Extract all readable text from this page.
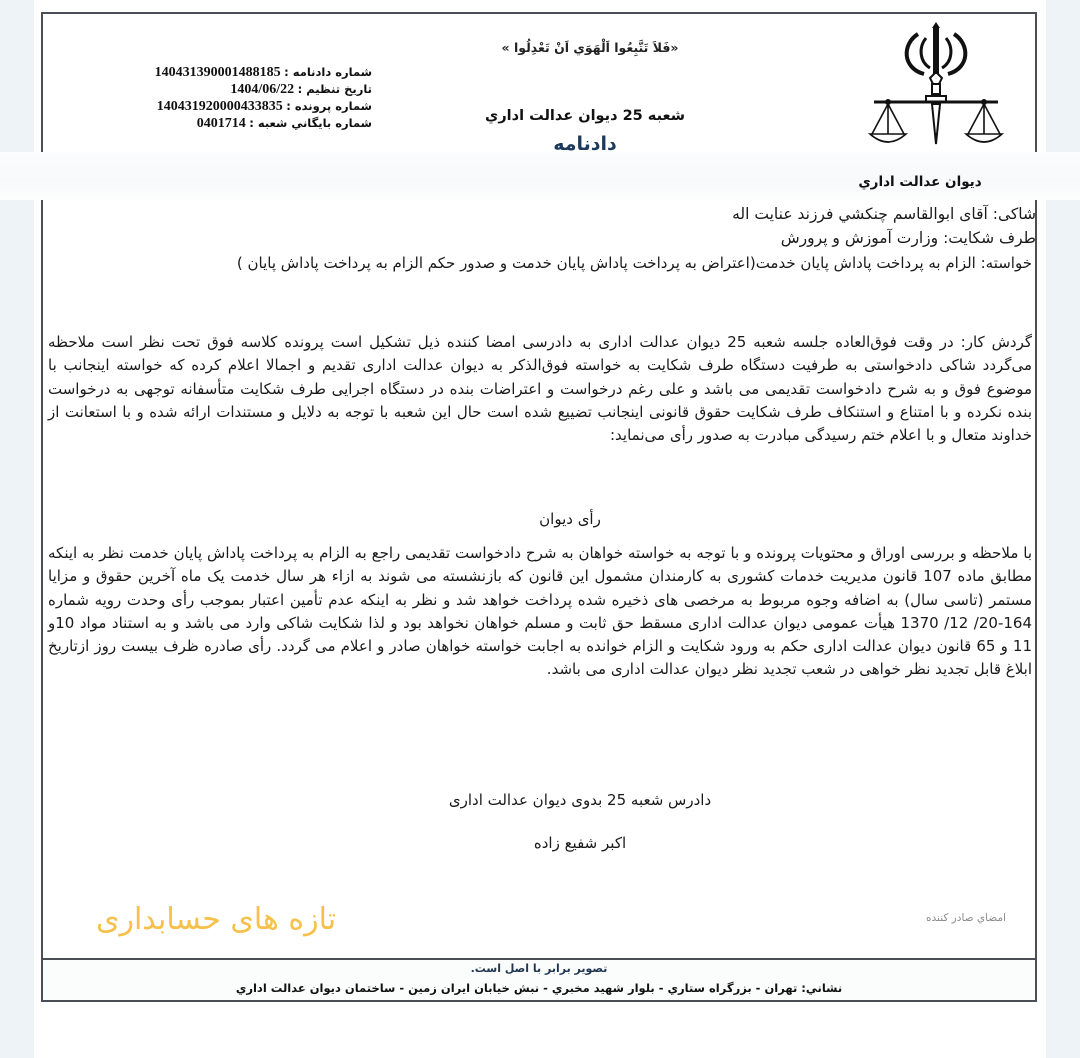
شماره دادنامه : 140431390001488185
تاريخ تنظيم : 1404/06/22
شماره پرونده : 140431920000433835
شماره بايگاني شعبه : 0401714
«فَلاَ تَتَّبِعُوا اَلْهَوَي اَنْ تَعْدِلُوا »
شعبه 25 ديوان عدالت اداري
دادنامه
ديوان عدالت اداري
شاکی: آقای ابوالقاسم چنکشي فرزند عنایت اله
طرف شکایت: وزارت آموزش و پرورش
خواسته: الزام به پرداخت پاداش پایان خدمت(اعتراض به پرداخت پاداش پایان خدمت و صدور حکم الزام به پرداخت پاداش پایان )
گردش کار: در وقت فوق‌العاده جلسه شعبه 25 دیوان عدالت اداری به دادرسی امضا کننده ذیل تشکیل است پرونده کلاسه فوق تحت نظر است ملاحظه می‌گردد شاکی دادخواستی به طرفیت دستگاه طرف شکایت به خواسته فوق‌الذکر به دیوان عدالت اداری تقدیم و اجمالا اعلام کرده که خواسته اینجانب با موضوع فوق و به شرح دادخواست تقدیمی می باشد و علی رغم درخواست و اعتراضات بنده در دستگاه اجرایی طرف شکایت متأسفانه توجهی به درخواست بنده نکرده و با امتناع و استنکاف طرف شکایت حقوق قانونی اینجانب تضییع شده است حال این شعبه با توجه به دلایل و مستندات ارائه شده و با استعانت از خداوند متعال و با اعلام ختم رسیدگی مبادرت به صدور رأی می‌نماید:
رأی دیوان
با ملاحظه و بررسی اوراق و محتویات پرونده و با توجه به خواسته خواهان به شرح دادخواست تقدیمی راجع به الزام به پرداخت پاداش پایان خدمت نظر به اینکه مطابق ماده 107 قانون مدیریت خدمات کشوری به کارمندان مشمول این قانون که بازنشسته می شوند به ازاء هر سال خدمت یک ماه آخرین حقوق و مزایا مستمر (تاسی سال) به اضافه وجوه مربوط به مرخصی های ذخیره شده پرداخت خواهد شد و نظر به اینکه عدم تأمین اعتبار بموجب رأی وحدت رویه شماره 164-20/ 12/ 1370 هیأت عمومی دیوان عدالت اداری مسقط حق ثابت و مسلم خواهان نخواهد بود و لذا شکایت شاکی وارد می باشد و به استناد مواد 10و 11 و 65 قانون دیوان عدالت اداری حکم به ورود شکایت و الزام خوانده به اجابت خواسته خواهان صادر و اعلام می گردد. رأی صادره ظرف بیست روز ازتاریخ ابلاغ قابل تجدید نظر خواهی در شعب تجدید نظر دیوان عدالت اداری می باشد.
دادرس شعبه 25 بدوی دیوان عدالت اداری
اکبر شفیع زاده
امضاي صادر كننده
تازه های حسابداری
تصوير برابر با اصل است.
نشاني: تهران - بزرگراه ستاري - بلوار شهيد مخبري - نبش خيابان ايران زمين - ساختمان ديوان عدالت اداري
